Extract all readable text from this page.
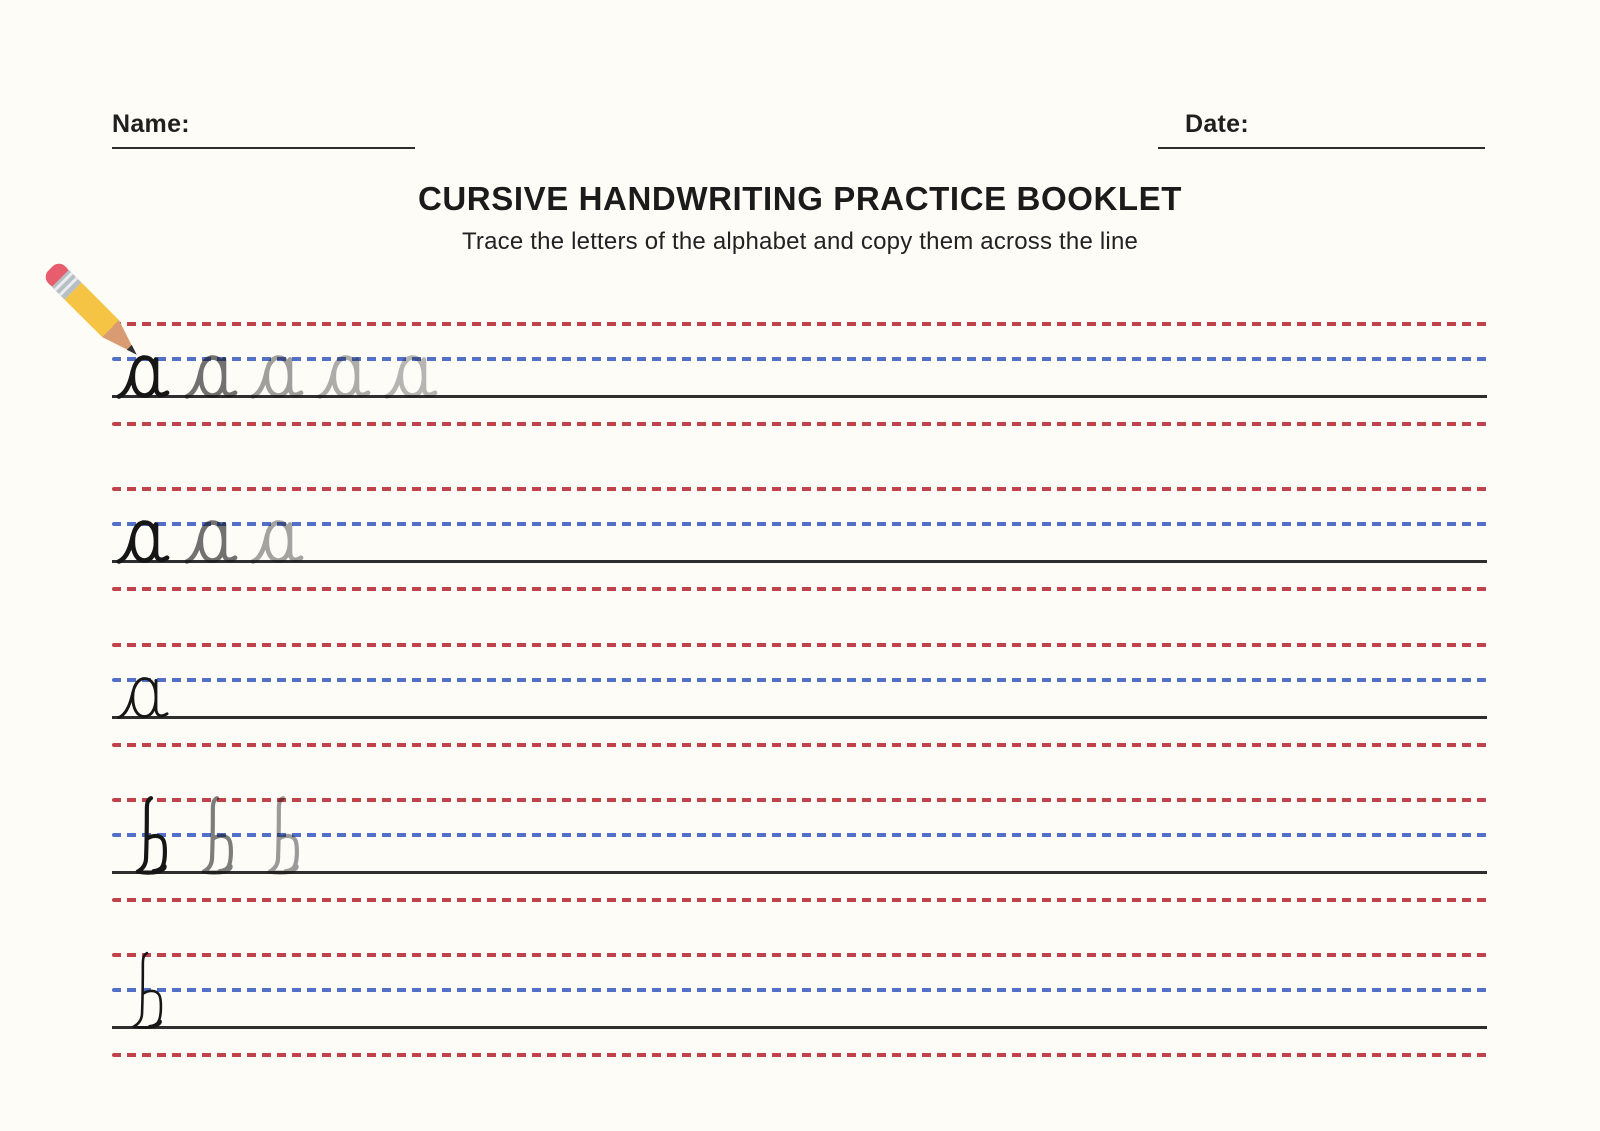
Name:	Date:
CURSIVE HANDWRITING PRACTICE BOOKLET
Trace the letters of the alphabet and copy them across the line
